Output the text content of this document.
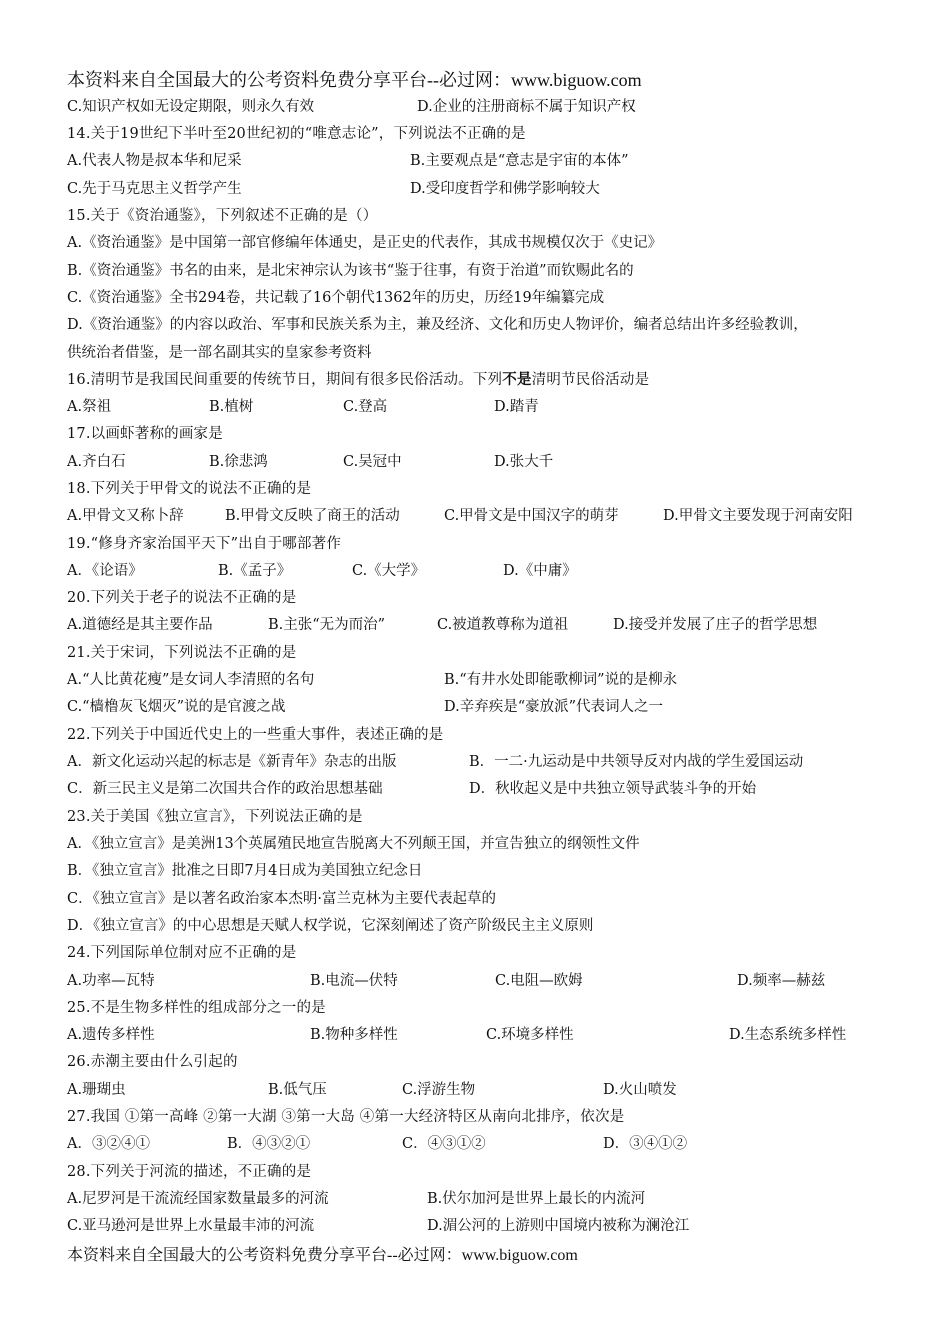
本资料来自全国最大的公考资料免费分享平台--必过网：www.biguow.com
C.知识产权如无设定期限，则永久有效	D.企业的注册商标不属于知识产权
14.关于19世纪下半叶至20世纪初的“唯意志论”，下列说法不正确的是
A.代表人物是叔本华和尼采	B.主要观点是“意志是宇宙的本体”
C.先于马克思主义哲学产生	D.受印度哲学和佛学影响较大
15.关于《资治通鉴》，下列叙述不正确的是（）
A.《资治通鉴》是中国第一部官修编年体通史，是正史的代表作，其成书规模仅次于《史记》
B.《资治通鉴》书名的由来，是北宋神宗认为该书“鉴于往事，有资于治道”而钦赐此名的
C.《资治通鉴》全书294卷，共记载了16个朝代1362年的历史，历经19年编纂完成
D.《资治通鉴》的内容以政治、军事和民族关系为主，兼及经济、文化和历史人物评价，编者总结出许多经验教训，
供统治者借鉴，是一部名副其实的皇家参考资料
16.清明节是我国民间重要的传统节日，期间有很多民俗活动。下列不是清明节民俗活动是
A.祭祖	B.植树	C.登高	D.踏青
17.以画虾著称的画家是
A.齐白石	B.徐悲鸿	C.吴冠中	D.张大千
18.下列关于甲骨文的说法不正确的是
A.甲骨文又称卜辞	B.甲骨文反映了商王的活动	C.甲骨文是中国汉字的萌芽	D.甲骨文主要发现于河南安阳
19.“修身齐家治国平天下”出自于哪部著作
A．《论语》	B.《孟子》	C.《大学》	D.《中庸》
20.下列关于老子的说法不正确的是
A.道德经是其主要作品	B.主张“无为而治”	C.被道教尊称为道祖	D.接受并发展了庄子的哲学思想
21.关于宋词，下列说法不正确的是
A.“人比黄花瘦”是女词人李清照的名句	B.“有井水处即能歌柳词”说的是柳永
C.“樯橹灰飞烟灭”说的是官渡之战	D.辛弃疾是“豪放派”代表词人之一
22.下列关于中国近代史上的一些重大事件，表述正确的是
A．新文化运动兴起的标志是《新青年》杂志的出版	B．一二·九运动是中共领导反对内战的学生爱国运动
C．新三民主义是第二次国共合作的政治思想基础	D．秋收起义是中共独立领导武装斗争的开始
23.关于美国《独立宣言》，下列说法正确的是
A．《独立宣言》是美洲13个英属殖民地宣告脱离大不列颠王国，并宣告独立的纲领性文件
B．《独立宣言》批准之日即7月4日成为美国独立纪念日
C．《独立宣言》是以著名政治家本杰明·富兰克林为主要代表起草的
D．《独立宣言》的中心思想是天赋人权学说，它深刻阐述了资产阶级民主主义原则
24.下列国际单位制对应不正确的是
A.功率—瓦特	B.电流—伏特	C.电阻—欧姆	D.频率—赫兹
25.不是生物多样性的组成部分之一的是
A.遗传多样性	B.物种多样性	C.环境多样性	D.生态系统多样性
26.赤潮主要由什么引起的
A.珊瑚虫	B.低气压	C.浮游生物	D.火山喷发
27.我国 ①第一高峰 ②第一大湖 ③第一大岛 ④第一大经济特区从南向北排序，依次是
A．③②④①	B．④③②①	C．④③①②	D．③④①②
28.下列关于河流的描述，不正确的是
A.尼罗河是干流流经国家数量最多的河流	B.伏尔加河是世界上最长的内流河
C.亚马逊河是世界上水量最丰沛的河流	D.湄公河的上游则中国境内被称为澜沧江
本资料来自全国最大的公考资料免费分享平台--必过网：www.biguow.com
